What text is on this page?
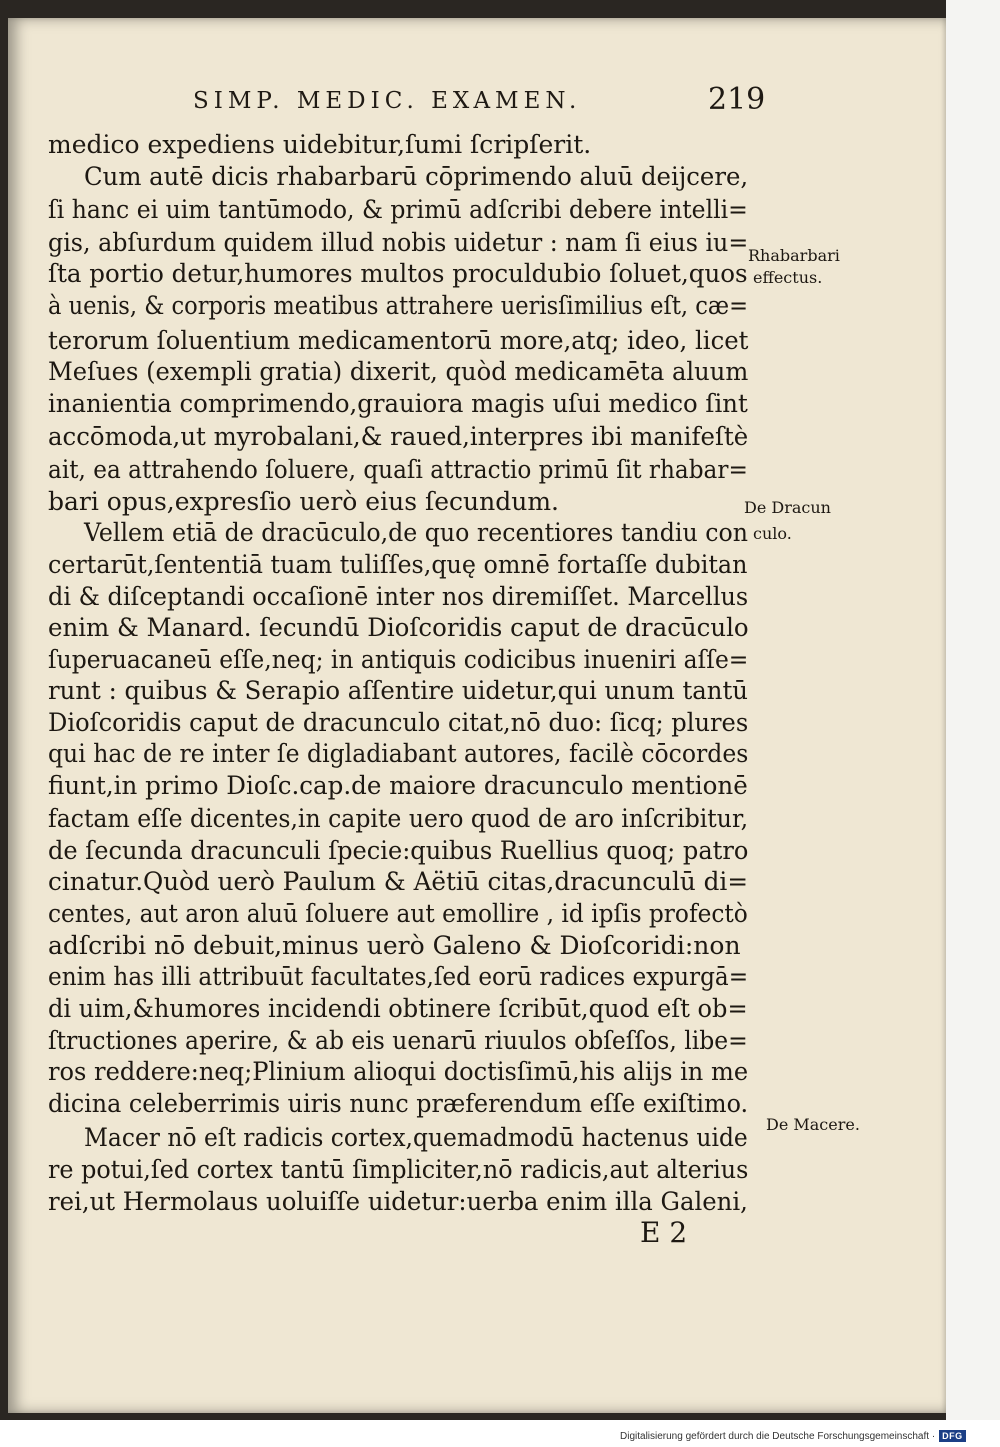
SIMP. MEDIC. EXAMEN.	219
medico expediens uidebitur,ſumi ſcripſerit.
Cum autē dicis rhabarbarū cōprimendo aluū deijcere,
ſi hanc ei uim tantūmodo, & primū adſcribi debere intelli=
gis, abſurdum quidem illud nobis uidetur : nam ſi eius iu=
ſta portio detur,humores multos proculdubio ſoluet,quos
à uenis, & corporis meatibus attrahere uerisſimilius eſt, cæ=
terorum ſoluentium medicamentorū more,atq; ideo, licet
Meſues (exempli gratia) dixerit, quòd medicamēta aluum
inanientia comprimendo,grauiora magis uſui medico ſint
accōmoda,ut myrobalani,& raued,interpres ibi manifeſtè
ait, ea attrahendo ſoluere, quaſi attractio primū ſit rhabar=
bari opus,expresſio uerò eius ſecundum.
Vellem etiā de dracūculo,de quo recentiores tandiu con
certarūt,ſententiā tuam tuliſſes,quę omnē fortaſſe dubitan
di & diſceptandi occaſionē inter nos diremiſſet. Marcellus
enim & Manard. ſecundū Dioſcoridis caput de dracūculo
ſuperuacaneū eſſe,neq; in antiquis codicibus inueniri aſſe=
runt : quibus & Serapio aſſentire uidetur,qui unum tantū
Dioſcoridis caput de dracunculo citat,nō duo: ſicq; plures
qui hac de re inter ſe digladiabant autores, facilè cōcordes
fiunt,in primo Dioſc.cap.de maiore dracunculo mentionē
factam eſſe dicentes,in capite uero quod de aro inſcribitur,
de ſecunda dracunculi ſpecie:quibus Ruellius quoq; patro
cinatur.Quòd uerò Paulum & Aëtiū citas,dracunculū di=
centes, aut aron aluū ſoluere aut emollire , id ipſis profectò
adſcribi nō debuit,minus uerò Galeno & Dioſcoridi:non
enim has illi attribuūt facultates,ſed eorū radices expurgā=
di uim,&humores incidendi obtinere ſcribūt,quod eſt ob=
ſtructiones aperire, & ab eis uenarū riuulos obſeſſos, libe=
ros reddere:neq;Plinium alioqui doctisſimū,his alijs in me
dicina celeberrimis uiris nunc præferendum eſſe exiſtimo.
Macer nō eſt radicis cortex,quemadmodū hactenus uide
re potui,ſed cortex tantū ſimpliciter,nō radicis,aut alterius
rei,ut Hermolaus uoluiſſe uidetur:uerba enim illa Galeni,
Rhabarbari
effectus.
De Dracun
culo.
De Macere.
E 2
Digitalisierung gefördert durch die Deutsche Forschungsgemeinschaft · DFG
